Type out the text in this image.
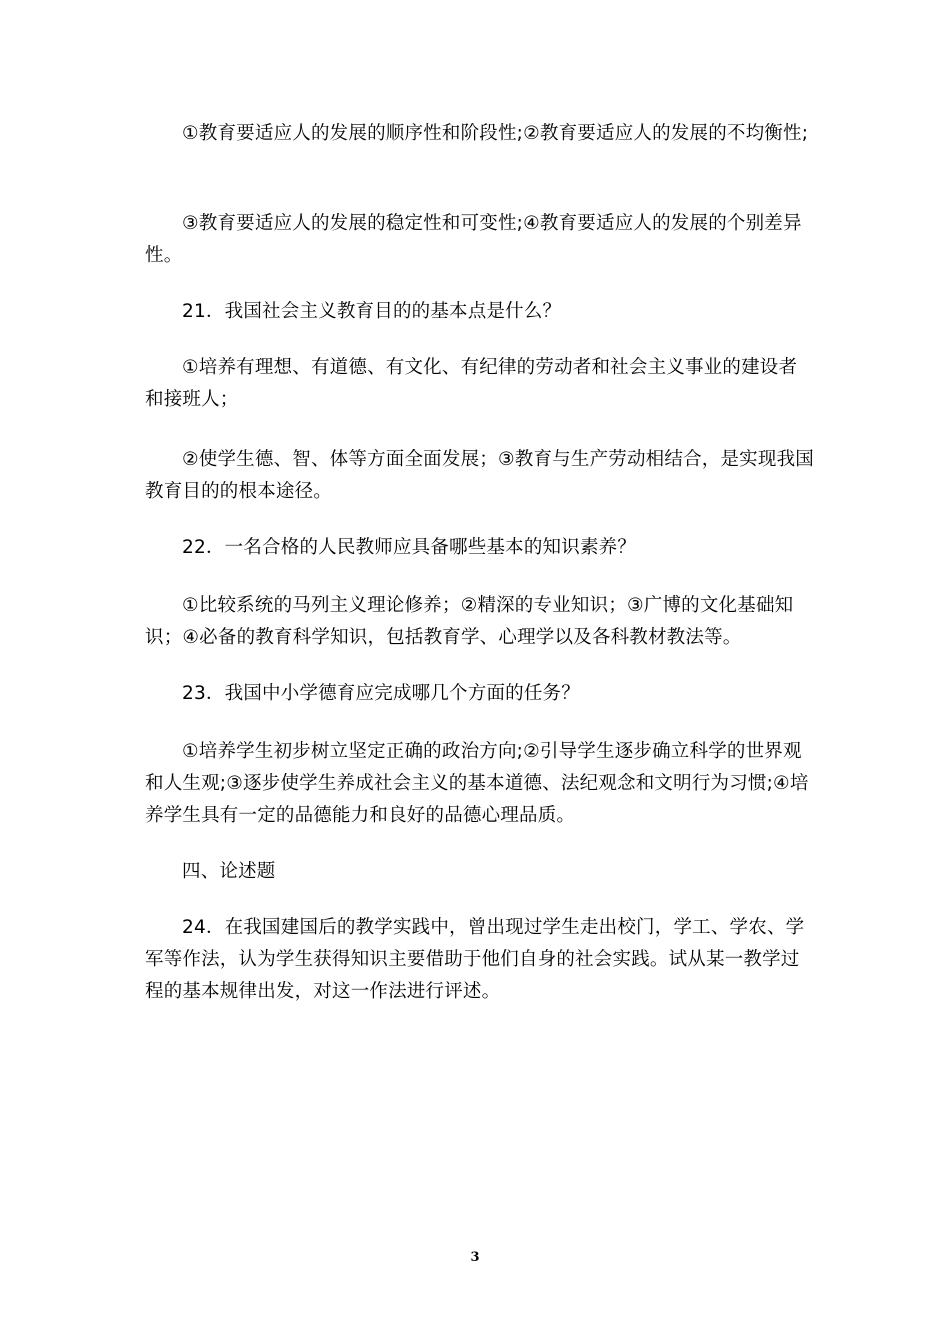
①教育要适应人的发展的顺序性和阶段性;②教育要适应人的发展的不均衡性;

③教育要适应人的发展的稳定性和可变性;④教育要适应人的发展的个别差异性。

21．我国社会主义教育目的的基本点是什么？

①培养有理想、有道德、有文化、有纪律的劳动者和社会主义事业的建设者和接班人；

②使学生德、智、体等方面全面发展；③教育与生产劳动相结合，是实现我国教育目的的根本途径。

22．一名合格的人民教师应具备哪些基本的知识素养？

①比较系统的马列主义理论修养；②精深的专业知识；③广博的文化基础知识；④必备的教育科学知识，包括教育学、心理学以及各科教材教法等。

23．我国中小学德育应完成哪几个方面的任务？

①培养学生初步树立坚定正确的政治方向;②引导学生逐步确立科学的世界观和人生观;③逐步使学生养成社会主义的基本道德、法纪观念和文明行为习惯;④培养学生具有一定的品德能力和良好的品德心理品质。

四、论述题

24．在我国建国后的教学实践中，曾出现过学生走出校门，学工、学农、学军等作法，认为学生获得知识主要借助于他们自身的社会实践。试从某一教学过程的基本规律出发，对这一作法进行评述。

3
